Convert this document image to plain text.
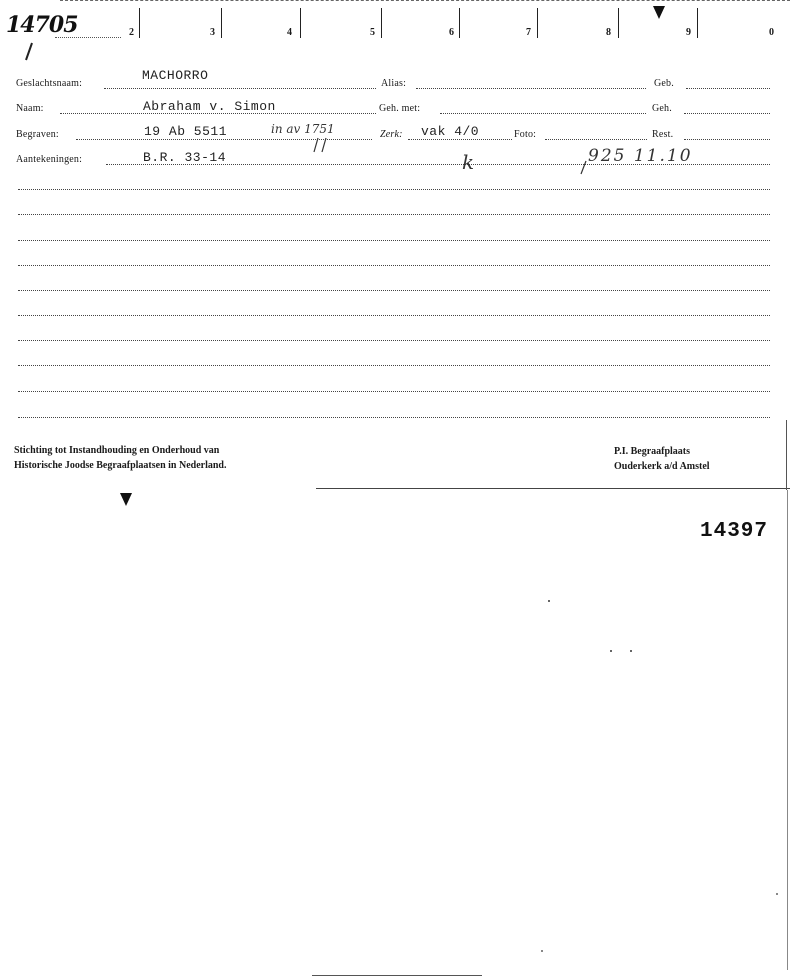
2	3	4	5	6	7	8	9	0
14705
Geslachtsnaam:
MACHORRO
Alias:	Geb.
Naam:	Abraham v. Simon	Geh. met:	Geh.
Begraven:	19 Ab 5511	in av 1751	Zerk: vak 4/0	Foto:	Rest.
Aantekeningen:	B.R. 33-14	k	925 11.10
Stichting tot Instandhouding en Onderhoud van
Historische Joodse Begraafplaatsen in Nederland.
P.I. Begraafplaats
Ouderkerk a/d Amstel
14397
